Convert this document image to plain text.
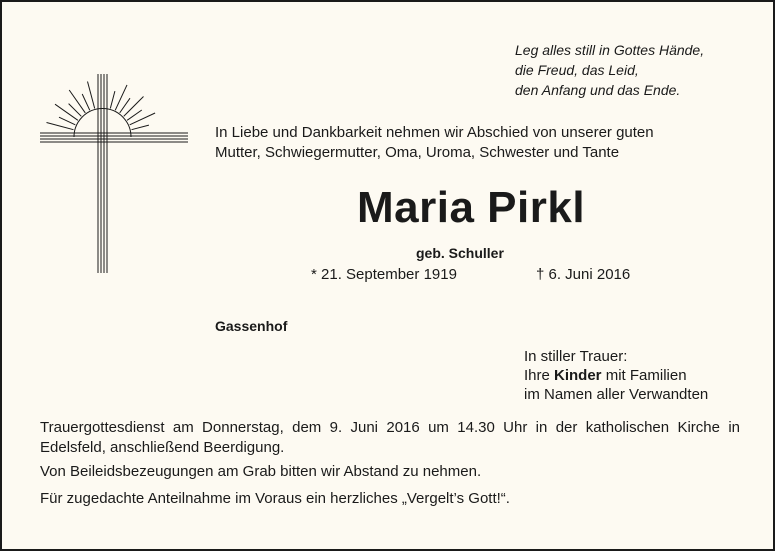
Leg alles still in Gottes Hände,
die Freud, das Leid,
den Anfang und das Ende.
In Liebe und Dankbarkeit nehmen wir Abschied von unserer guten
Mutter, Schwiegermutter, Oma, Uroma, Schwester und Tante
Maria Pirkl
geb. Schuller
* 21. September 1919	† 6. Juni 2016
Gassenhof
In stiller Trauer:
Ihre Kinder mit Familien
im Namen aller Verwandten
Trauergottesdienst am Donnerstag, dem 9. Juni 2016 um 14.30 Uhr in der katholischen Kirche in Edelsfeld, anschließend Beerdigung.
Von Beileidsbezeugungen am Grab bitten wir Abstand zu nehmen.
Für zugedachte Anteilnahme im Voraus ein herzliches „Vergelt’s Gott!“.
